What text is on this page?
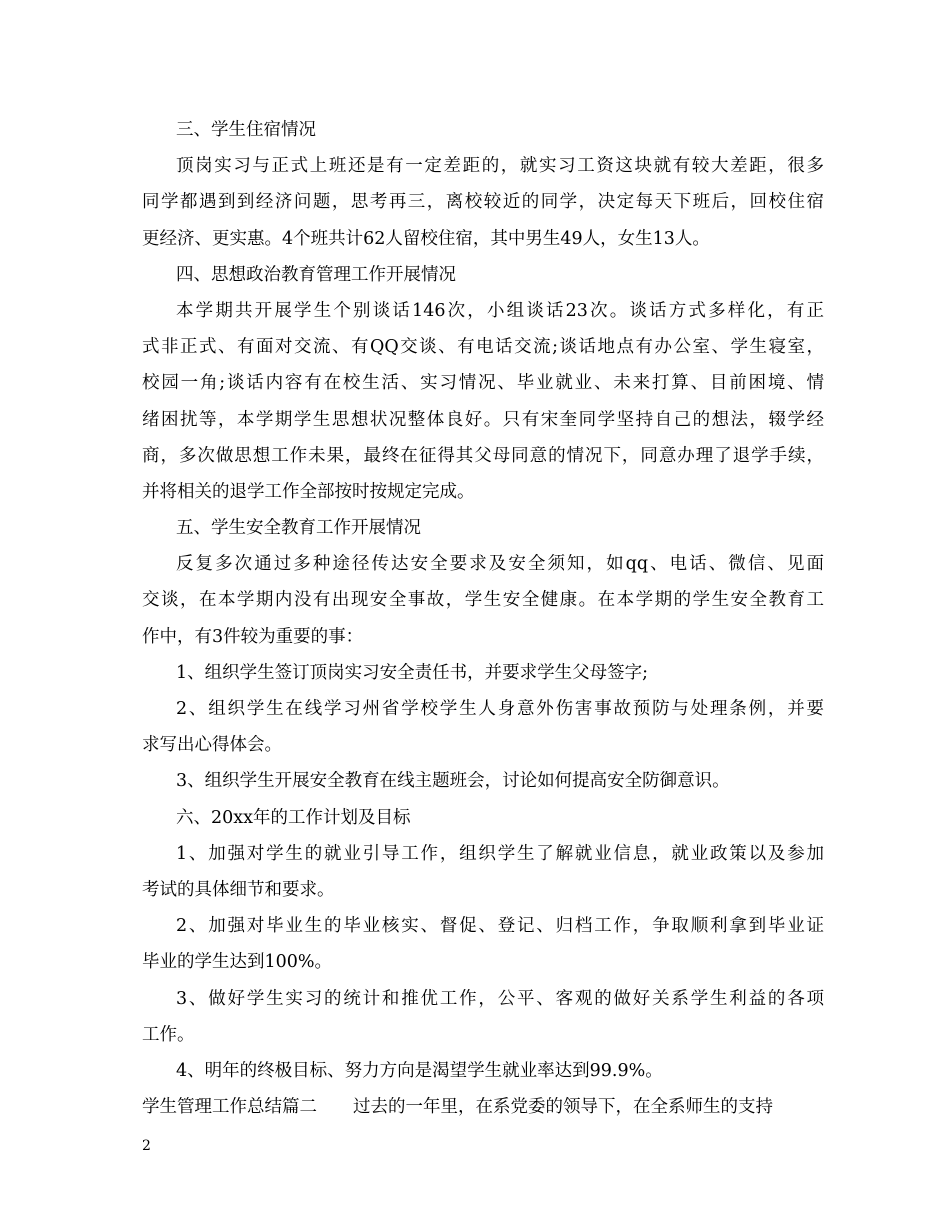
三、学生住宿情况
顶岗实习与正式上班还是有一定差距的，就实习工资这块就有较大差距，很多
同学都遇到到经济问题，思考再三，离校较近的同学，决定每天下班后，回校住宿
更经济、更实惠。4个班共计62人留校住宿，其中男生49人，女生13人。
四、思想政治教育管理工作开展情况
本学期共开展学生个别谈话146次，小组谈话23次。谈话方式多样化，有正
式非正式、有面对交流、有QQ交谈、有电话交流;谈话地点有办公室、学生寝室，
校园一角;谈话内容有在校生活、实习情况、毕业就业、未来打算、目前困境、情
绪困扰等，本学期学生思想状况整体良好。只有宋奎同学坚持自己的想法，辍学经
商，多次做思想工作未果，最终在征得其父母同意的情况下，同意办理了退学手续，
并将相关的退学工作全部按时按规定完成。
五、学生安全教育工作开展情况
反复多次通过多种途径传达安全要求及安全须知，如qq、电话、微信、见面
交谈，在本学期内没有出现安全事故，学生安全健康。在本学期的学生安全教育工
作中，有3件较为重要的事：
1、组织学生签订顶岗实习安全责任书，并要求学生父母签字;
2、组织学生在线学习州省学校学生人身意外伤害事故预防与处理条例，并要
求写出心得体会。
3、组织学生开展安全教育在线主题班会，讨论如何提高安全防御意识。
六、20xx年的工作计划及目标
1、加强对学生的就业引导工作，组织学生了解就业信息，就业政策以及参加
考试的具体细节和要求。
2、加强对毕业生的毕业核实、督促、登记、归档工作，争取顺利拿到毕业证
毕业的学生达到100%。
3、做好学生实习的统计和推优工作，公平、客观的做好关系学生利益的各项
工作。
4、明年的终极目标、努力方向是渴望学生就业率达到99.9%。
学生管理工作总结篇二 过去的一年里，在系党委的领导下，在全系师生的支持
2
